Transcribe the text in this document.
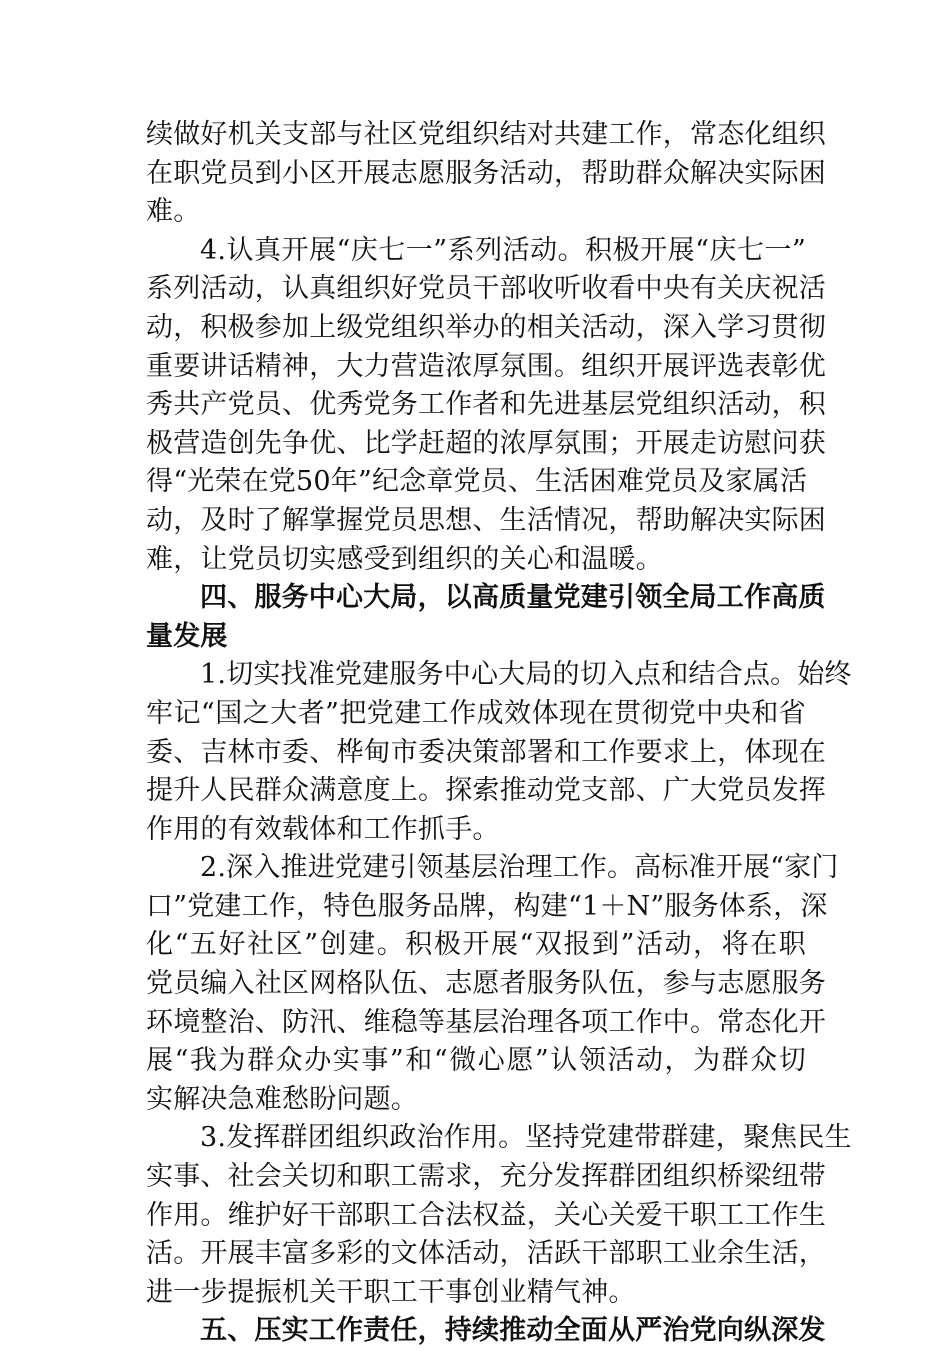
续做好机关支部与社区党组织结对共建工作，常态化组织
在职党员到小区开展志愿服务活动，帮助群众解决实际困
难。
4.认真开展“庆七一”系列活动。积极开展“庆七一”
系列活动，认真组织好党员干部收听收看中央有关庆祝活
动，积极参加上级党组织举办的相关活动，深入学习贯彻
重要讲话精神，大力营造浓厚氛围。组织开展评选表彰优
秀共产党员、优秀党务工作者和先进基层党组织活动，积
极营造创先争优、比学赶超的浓厚氛围；开展走访慰问获
得“光荣在党50年”纪念章党员、生活困难党员及家属活
动，及时了解掌握党员思想、生活情况，帮助解决实际困
难，让党员切实感受到组织的关心和温暖。
四、服务中心大局，以高质量党建引领全局工作高质
量发展
1.切实找准党建服务中心大局的切入点和结合点。始终
牢记“国之大者”把党建工作成效体现在贯彻党中央和省
委、吉林市委、桦甸市委决策部署和工作要求上，体现在
提升人民群众满意度上。探索推动党支部、广大党员发挥
作用的有效载体和工作抓手。
2.深入推进党建引领基层治理工作。高标准开展“家门
口”党建工作，特色服务品牌，构建“1＋N”服务体系，深
化“五好社区”创建。积极开展“双报到”活动，将在职
党员编入社区网格队伍、志愿者服务队伍，参与志愿服务
环境整治、防汛、维稳等基层治理各项工作中。常态化开
展“我为群众办实事”和“微心愿”认领活动，为群众切
实解决急难愁盼问题。
3.发挥群团组织政治作用。坚持党建带群建，聚焦民生
实事、社会关切和职工需求，充分发挥群团组织桥梁纽带
作用。维护好干部职工合法权益，关心关爱干职工工作生
活。开展丰富多彩的文体活动，活跃干部职工业余生活，
进一步提振机关干职工干事创业精气神。
五、压实工作责任，持续推动全面从严治党向纵深发
